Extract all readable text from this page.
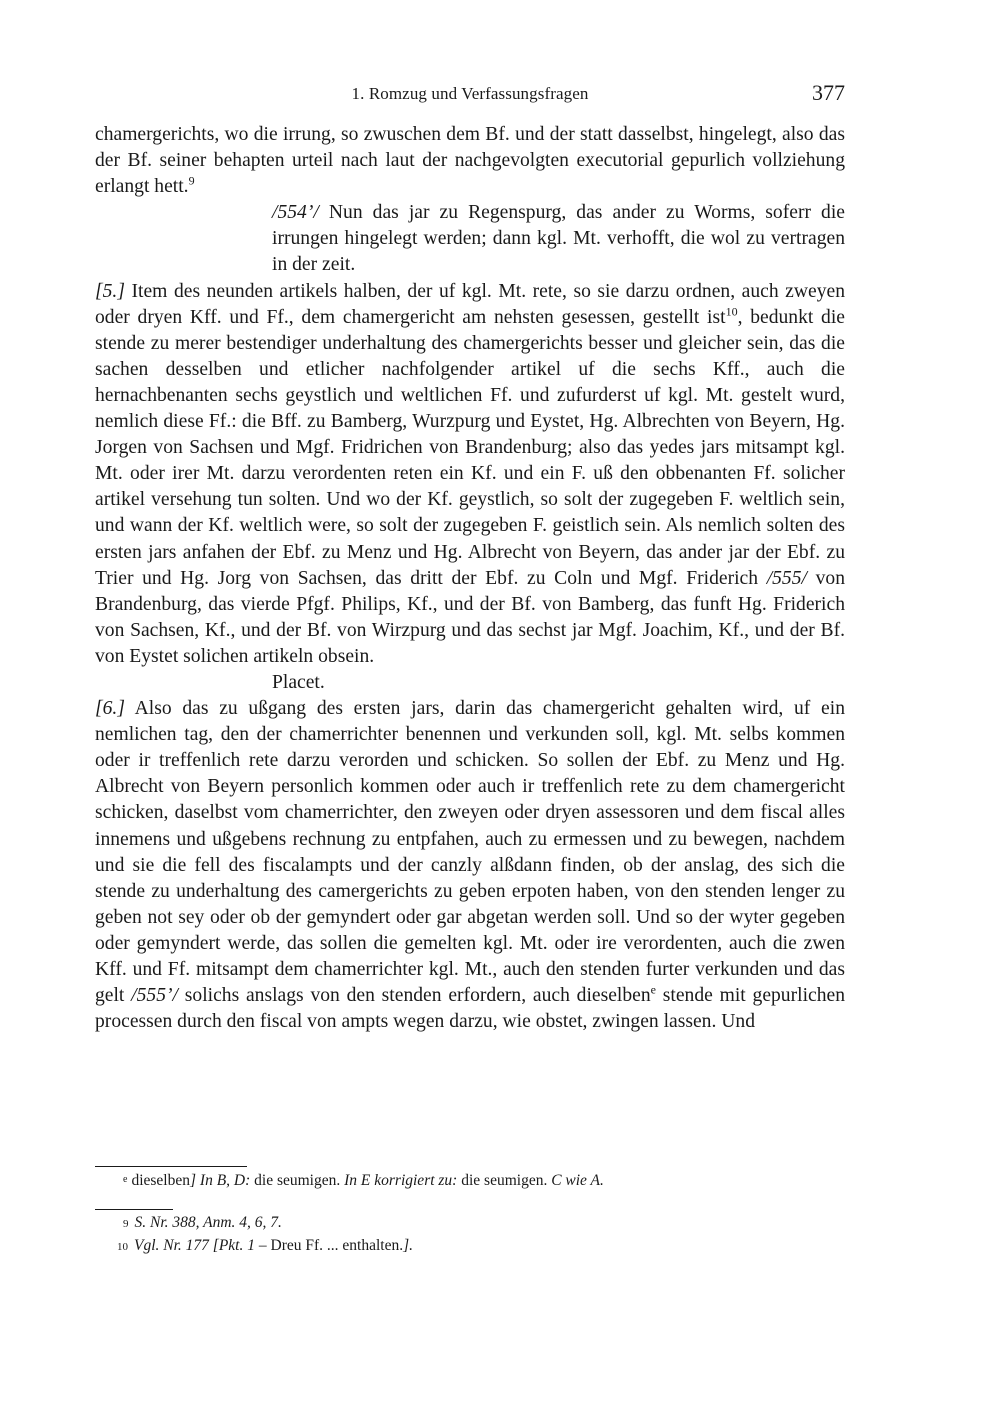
1. Romzug und Verfassungsfragen	377

chamergerichts, wo die irrung, so zwuschen dem Bf. und der statt dasselbst, hingelegt, also das der Bf. seiner behapten urteil nach laut der nachgevolgten executorial gepurlich vollziehung erlangt hett.$^9$

/554’/ Nun das jar zu Regenspurg, das ander zu Worms, soferr die irrungen hingelegt werden; dann kgl. Mt. verhofft, die wol zu vertragen in der zeit.

[5.] Item des neunden artikels halben, der uf kgl. Mt. rete, so sie darzu ordnen, auch zweyen oder dryen Kff. und Ff., dem chamergericht am nehsten gesessen, gestellt ist$^{10}$, bedunkt die stende zu merer bestendiger underhaltung des chamergerichts besser und gleicher sein, das die sachen desselben und etlicher nachfolgender artikel uf die sechs Kff., auch die hernachbenanten sechs geystlich und weltlichen Ff. und zufurderst uf kgl. Mt. gestelt wurd, nemlich diese Ff.: die Bff. zu Bamberg, Wurzpurg und Eystet, Hg. Albrechten von Beyern, Hg. Jorgen von Sachsen und Mgf. Fridrichen von Brandenburg; also das yedes jars mitsampt kgl. Mt. oder irer Mt. darzu verordenten reten ein Kf. und ein F. uß den obbenanten Ff. solicher artikel versehung tun solten. Und wo der Kf. geystlich, so solt der zugegeben F. weltlich sein, und wann der Kf. weltlich were, so solt der zugegeben F. geistlich sein. Als nemlich solten des ersten jars anfahen der Ebf. zu Menz und Hg. Albrecht von Beyern, das ander jar der Ebf. zu Trier und Hg. Jorg von Sachsen, das dritt der Ebf. zu Coln und Mgf. Friderich /555/ von Brandenburg, das vierde Pfgf. Philips, Kf., und der Bf. von Bamberg, das funft Hg. Friderich von Sachsen, Kf., und der Bf. von Wirzpurg und das sechst jar Mgf. Joachim, Kf., und der Bf. von Eystet solichen artikeln obsein.

Placet.

[6.] Also das zu ußgang des ersten jars, darin das chamergericht gehalten wird, uf ein nemlichen tag, den der chamerrichter benennen und verkunden soll, kgl. Mt. selbs kommen oder ir treffenlich rete darzu verorden und schicken. So sollen der Ebf. zu Menz und Hg. Albrecht von Beyern personlich kommen oder auch ir treffenlich rete zu dem chamergericht schicken, daselbst vom chamerrichter, den zweyen oder dryen assessoren und dem fiscal alles innemens und ußgebens rechnung zu entpfahen, auch zu ermessen und zu bewegen, nachdem und sie die fell des fiscalampts und der canzly alßdann finden, ob der anslag, des sich die stende zu underhaltung des camergerichts zu geben erpoten haben, von den stenden lenger zu geben not sey oder ob der gemyndert oder gar abgetan werden soll. Und so der wyter gegeben oder gemyndert werde, das sollen die gemelten kgl. Mt. oder ire verordenten, auch die zwen Kff. und Ff. mitsampt dem chamerrichter kgl. Mt., auch den stenden furter verkunden und das gelt /555’/ solichs anslags von den stenden erfordern, auch dieselben$^e$ stende mit gepurlichen processen durch den fiscal von ampts wegen darzu, wie obstet, zwingen lassen. Und

e dieselben] In B, D: die seumigen. In E korrigiert zu: die seumigen. C wie A.
9 S. Nr. 388, Anm. 4, 6, 7.
10 Vgl. Nr. 177 [Pkt. 1 – Dreu Ff. ... enthalten.].
